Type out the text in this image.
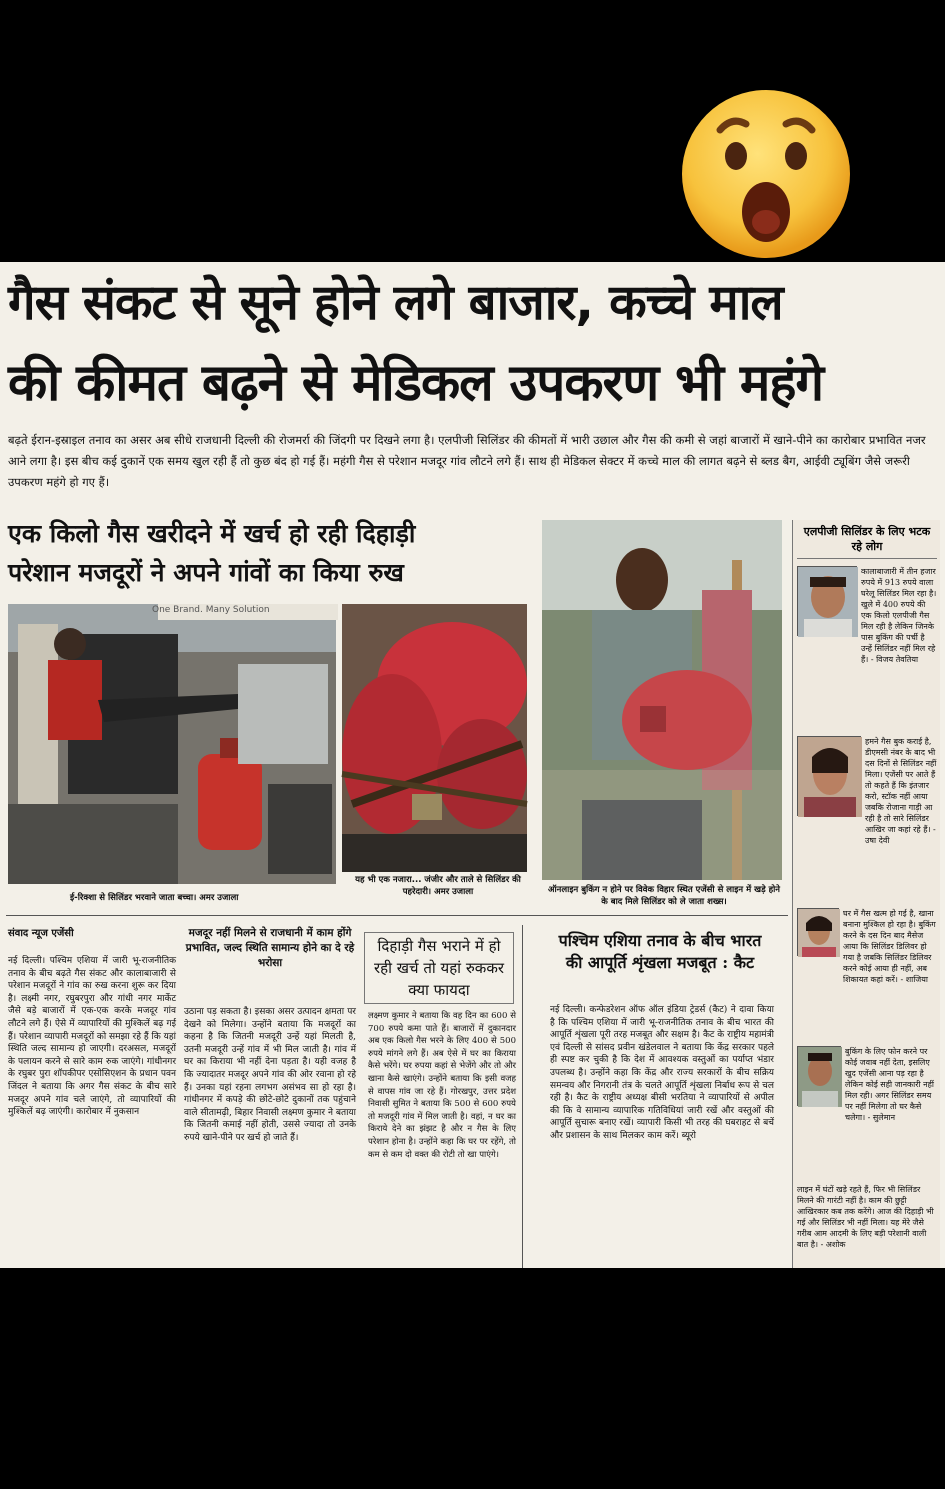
गैस संकट से सूने होने लगे बाजार, कच्चे माल
की कीमत बढ़ने से मेडिकल उपकरण भी महंगे
बढ़ते ईरान-इस्राइल तनाव का असर अब सीधे राजधानी दिल्ली की रोजमर्रा की जिंदगी पर दिखने लगा है। एलपीजी सिलिंडर की कीमतों में भारी उछाल और गैस की कमी से जहां बाजारों में खाने-पीने का कारोबार प्रभावित नजर आने लगा है। इस बीच कई दुकानें एक समय खुल रही हैं तो कुछ बंद हो गई हैं। महंगी गैस से परेशान मजदूर गांव लौटने लगे हैं। साथ ही मेडिकल सेक्टर में कच्चे माल की लागत बढ़ने से ब्लड बैग, आईवी ट्यूबिंग जैसे जरूरी उपकरण महंगे हो गए हैं।
एक किलो गैस खरीदने में खर्च हो रही दिहाड़ी
परेशान मजदूरों ने अपने गांवों का किया रुख
One Brand. Many Solution
ई-रिक्शा से सिलिंडर भरवाने जाता बच्चा। अमर उजाला
यह भी एक नजारा... जंजीर और ताले से सिलिंडर की पहरेदारी। अमर उजाला	ऑनलाइन बुकिंग न होने पर विवेक विहार स्थित एजेंसी से लाइन में खड़े होने के बाद मिले सिलिंडर को ले जाता शख्स।
संवाद न्यूज एजेंसी
नई दिल्ली। पश्चिम एशिया में जारी भू-राजनीतिक तनाव के बीच बढ़ते गैस संकट और कालाबाजारी से परेशान मजदूरों ने गांव का रुख करना शुरू कर दिया है। लक्ष्मी नगर, रघुबरपुरा और गांधी नगर मार्केट जैसे बड़े बाजारों में एक-एक करके मजदूर गांव लौटने लगे हैं। ऐसे में व्यापारियों की मुश्किलें बढ़ गई हैं। परेशान व्यापारी मजदूरों को समझा रहे हैं कि यहां स्थिति जल्द सामान्य हो जाएगी। दरअसल, मजदूरों के पलायन करने से सारे काम रुक जाएंगे। गांधीनगर के रघुबर पुरा शॉपकीपर एसोसिएशन के प्रधान पवन जिंदल ने बताया कि अगर गैस संकट के बीच सारे मजदूर अपने गांव चले जाएंगे, तो व्यापारियों की मुश्किलें बढ़ जाएंगी। कारोबार में नुकसान
मजदूर नहीं मिलने से राजधानी में काम होंगे प्रभावित, जल्द स्थिति सामान्य होने का दे रहे भरोसा
उठाना पड़ सकता है। इसका असर उत्पादन क्षमता पर देखने को मिलेगा। उन्होंने बताया कि मजदूरों का कहना है कि जितनी मजदूरी उन्हें यहां मिलती है, उतनी मजदूरी उन्हें गांव में भी मिल जाती है। गांव में घर का किराया भी नहीं देना पड़ता है। यही वजह है कि ज्यादातर मजदूर अपने गांव की ओर रवाना हो रहे हैं। उनका यहां रहना लगभग असंभव सा हो रहा है। गांधीनगर में कपड़े की छोटे-छोटे दुकानों तक पहुंचाने वाले सीतामढ़ी, बिहार निवासी लक्ष्मण कुमार ने बताया कि जितनी कमाई नहीं होती, उससे ज्यादा तो उनके रुपये खाने-पीने पर खर्च हो जाते हैं।
दिहाड़ी गैस भराने में हो रही खर्च तो यहां रुककर क्या फायदा
लक्ष्मण कुमार ने बताया कि वह दिन का 600 से 700 रुपये कमा पाते हैं। बाजारों में दुकानदार अब एक किलो गैस भरने के लिए 400 से 500 रुपये मांगने लगे हैं। अब ऐसे में घर का किराया कैसे भरेंगे। घर रुपया कहां से भेजेंगे और तो और खाना कैसे खाएंगे। उन्होंने बताया कि इसी वजह से वापस गांव जा रहे हैं। गोरखपुर, उत्तर प्रदेश निवासी सुमित ने बताया कि 500 से 600 रुपये तो मजदूरी गांव में मिल जाती है। वहां, न घर का किराये देने का झंझट है और न गैस के लिए परेशान होना है। उन्होंने कहा कि घर पर रहेंगे, तो कम से कम दो वक्त की रोटी तो खा पाएंगे।
पश्चिम एशिया तनाव के बीच भारत की आपूर्ति शृंखला मजबूत : कैट
नई दिल्ली। कन्फेडरेशन ऑफ ऑल इंडिया ट्रेडर्स (कैट) ने दावा किया है कि पश्चिम एशिया में जारी भू-राजनीतिक तनाव के बीच भारत की आपूर्ति शृंखला पूरी तरह मजबूत और सक्षम है। कैट के राष्ट्रीय महामंत्री एवं दिल्ली से सांसद प्रवीन खंडेलवाल ने बताया कि केंद्र सरकार पहले ही स्पष्ट कर चुकी है कि देश में आवश्यक वस्तुओं का पर्याप्त भंडार उपलब्ध है। उन्होंने कहा कि केंद्र और राज्य सरकारों के बीच सक्रिय समन्वय और निगरानी तंत्र के चलते आपूर्ति शृंखला निर्बाध रूप से चल रही है। कैट के राष्ट्रीय अध्यक्ष बीसी भरतिया ने व्यापारियों से अपील की कि वे सामान्य व्यापारिक गतिविधियां जारी रखें और वस्तुओं की आपूर्ति सुचारू बनाए रखें। व्यापारी किसी भी तरह की घबराहट से बचें और प्रशासन के साथ मिलकर काम करें। ब्यूरो
एलपीजी सिलिंडर के लिए भटक रहे लोग

कालाबाजारी में तीन हजार रुपये में 913 रुपये वाला घरेलू सिलिंडर मिल रहा है। खुले में 400 रुपये की एक किलो एलपीजी गैस मिल रही है लेकिन जिनके पास बुकिंग की पर्ची है उन्हें सिलिंडर नहीं मिल रहे हैं। - विजय तेवतिया

हमने गैस बुक कराई है, डीएमसी नंबर के बाद भी दस दिनों से सिलिंडर नहीं मिला। एजेंसी पर आते हैं तो कहते हैं कि इंतजार करो, स्टॉक नहीं आया जबकि रोजाना गाड़ी आ रही है तो सारे सिलिंडर आखिर जा कहां रहे हैं। - उषा देवी

घर में गैस खत्म हो गई है, खाना बनाना मुश्किल हो रहा है। बुकिंग करने के दस दिन बाद मैसेज आया कि सिलिंडर डिलिवर हो गया है जबकि सिलिंडर डिलिवर करने कोई आया ही नहीं, अब शिकायत कहां करें। - शाजिया

बुकिंग के लिए फोन करने पर कोई जवाब नहीं देता, इसलिए खुद एजेंसी आना पड़ रहा है लेकिन कोई सही जानकारी नहीं मिल रही। अगर सिलिंडर समय पर नहीं मिलेगा तो घर कैसे चलेगा। - सुलेमान

लाइन में घंटों खड़े रहते हैं, फिर भी सिलिंडर मिलने की गारंटी नहीं है। काम की छुट्टी आखिरकार कब तक करेंगे। आज की दिहाड़ी भी गई और सिलिंडर भी नहीं मिला। यह मेरे जैसे गरीब आम आदमी के लिए बड़ी परेशानी वाली बात है। - अशोक
